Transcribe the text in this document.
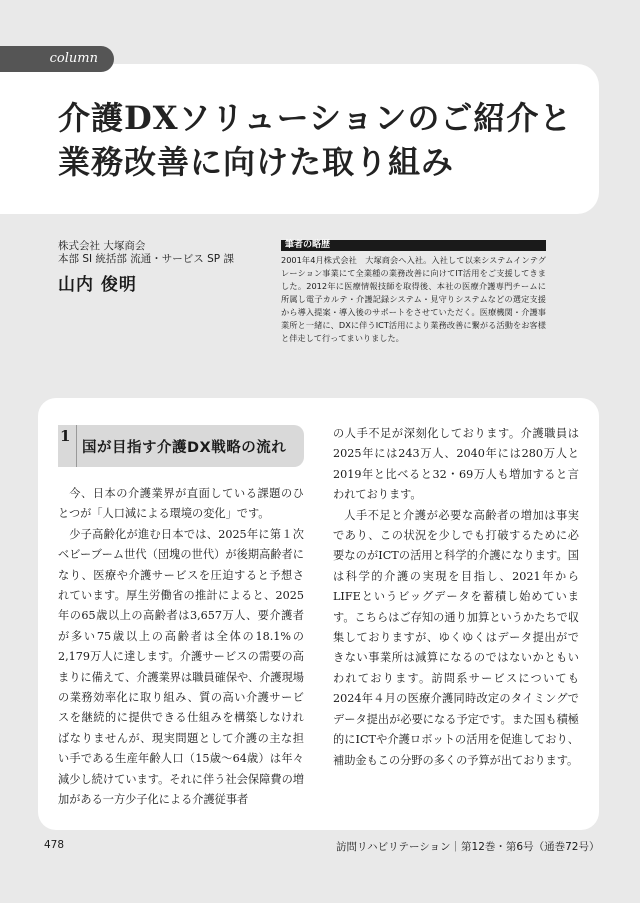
column
介護DXソリューションのご紹介と
業務改善に向けた取り組み
株式会社 大塚商会
本部 SI 統括部 流通・サービス SP 課
山内 俊明
筆者の略歴
2001年4月株式会社　大塚商会へ入社。入社して以来システムインテグレーション事業にて全業種の業務改善に向けてIT活用をご支援してきました。2012年に医療情報技師を取得後、本社の医療介護専門チームに所属し電子カルテ・介護記録システム・見守りシステムなどの選定支援から導入提案・導入後のサポートをさせていただく。医療機関・介護事業所と一緒に、DXに伴うICT活用により業務改善に繋がる活動をお客様と伴走して行ってまいりました。
1
国が目指す介護DX戦略の流れ

今、日本の介護業界が直面している課題のひとつが「人口減による環境の変化」です。

少子高齢化が進む日本では、2025年に第１次ベビーブーム世代（団塊の世代）が後期高齢者になり、医療や介護サービスを圧迫すると予想されています。厚生労働省の推計によると、2025年の65歳以上の高齢者は3,657万人、要介護者が多い75歳以上の高齢者は全体の18.1%の2,179万人に達します。介護サービスの需要の高まりに備えて、介護業界は職員確保や、介護現場の業務効率化に取り組み、質の高い介護サービスを継続的に提供できる仕組みを構築しなければなりませんが、現実問題として介護の主な担い手である生産年齢人口（15歳～64歳）は年々減少し続けています。それに伴う社会保障費の増加がある一方少子化による介護従事者

の人手不足が深刻化しております。介護職員は2025年には243万人、2040年には280万人と2019年と比べると32・69万人も増加すると言われております。

人手不足と介護が必要な高齢者の増加は事実であり、この状況を少しでも打破するために必要なのがICTの活用と科学的介護になります。国は科学的介護の実現を目指し、2021年からLIFEというビッグデータを蓄積し始めています。こちらはご存知の通り加算というかたちで収集しておりますが、ゆくゆくはデータ提出ができない事業所は減算になるのではないかともいわれております。訪問系サービスについても2024年４月の医療介護同時改定のタイミングでデータ提出が必要になる予定です。また国も積極的にICTや介護ロボットの活用を促進しており、補助金もこの分野の多くの予算が出ております。

478	訪問リハビリテーション｜第12巻・第6号（通巻72号）
